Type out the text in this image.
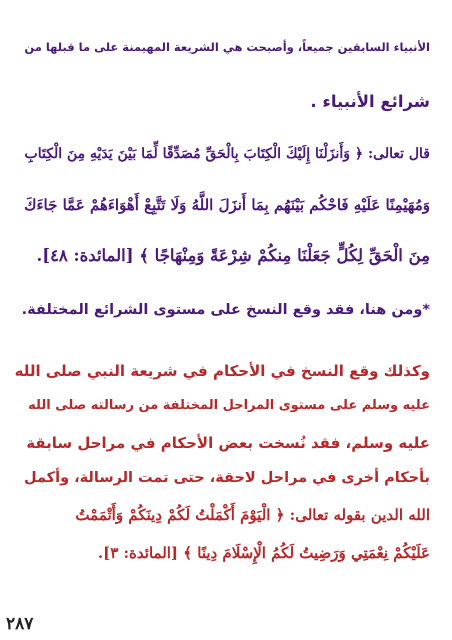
الأنبياء السابقين جميعاً، وأصبحت هي الشريعة المهيمنة على ما قبلها من
شرائع الأنبياء .
قال تعالى: ﴿ وَأَنزَلْنَا إِلَيْكَ الْكِتَابَ بِالْحَقِّ مُصَدِّقًا لِّمَا بَيْنَ يَدَيْهِ مِنَ الْكِتَابِ
وَمُهَيْمِنًا عَلَيْهِ فَاحْكُم بَيْنَهُم بِمَا أَنزَلَ اللَّهُ وَلَا تَتَّبِعْ أَهْوَاءَهُمْ عَمَّا جَاءَكَ
مِنَ الْحَقِّ لِكُلٍّ جَعَلْنَا مِنكُمْ شِرْعَةً وَمِنْهَاجًا ﴾ [المائدة: ٤٨].
*ومن هنا، فقد وقع النسخ على مستوى الشرائع المختلفة.
وكذلك وقع النسخ في الأحكام في شريعة النبي صلى الله
عليه وسلم على مستوى المراحل المختلفة من رسالته صلى الله
عليه وسلم، فقد نُسخت بعض الأحكام في مراحل سابقة
بأحكام أخرى في مراحل لاحقة، حتى تمت الرسالة، وأكمل
الله الدين بقوله تعالى: ﴿ الْيَوْمَ أَكْمَلْتُ لَكُمْ دِينَكُمْ وَأَتْمَمْتُ
عَلَيْكُمْ نِعْمَتِي وَرَضِيتُ لَكُمُ الْإِسْلَامَ دِينًا ﴾ [المائدة: ٣].
٢٨٧
